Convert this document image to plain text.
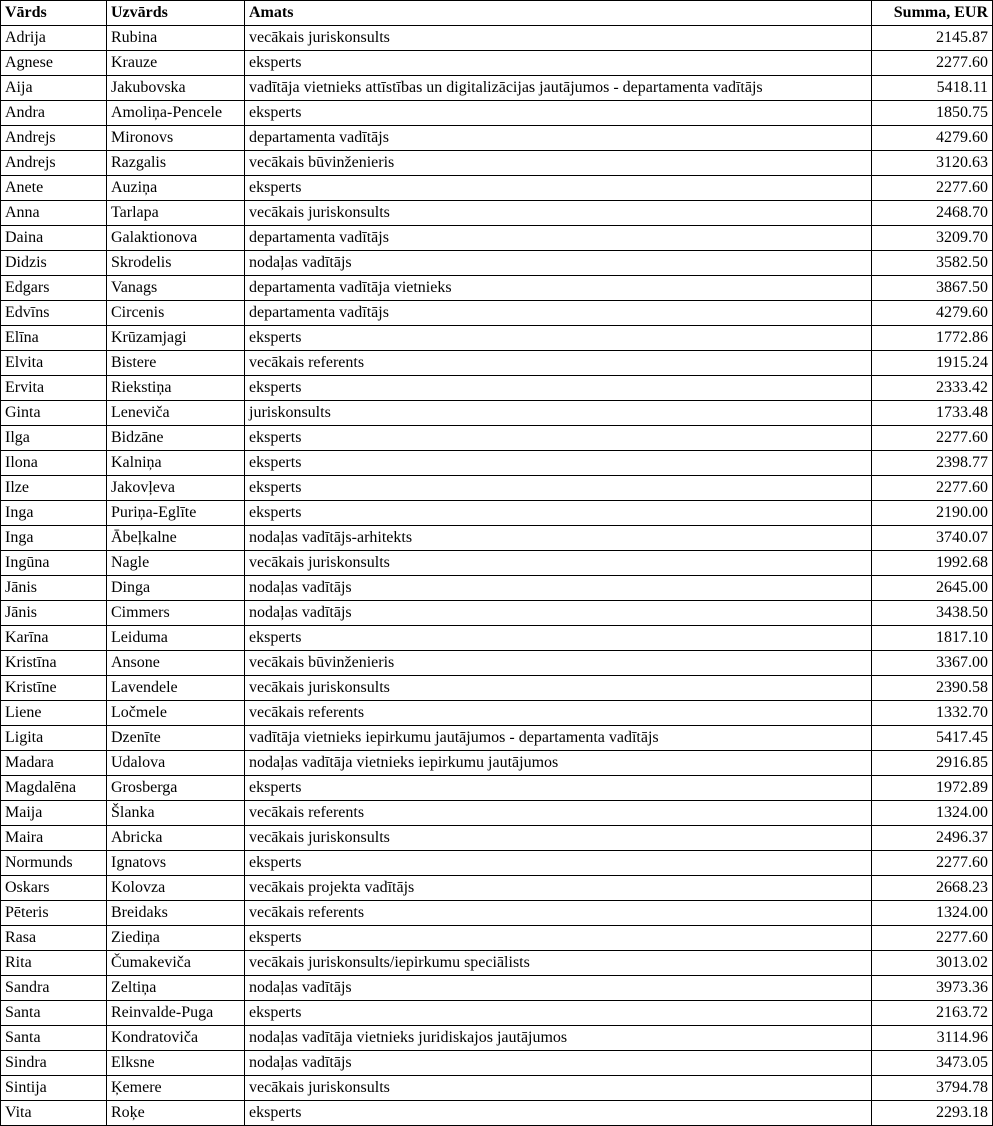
Vārds	Uzvārds	Amats	Summa, EUR
Adrija	Rubina	vecākais juriskonsults	2145.87
Agnese	Krauze	eksperts	2277.60
Aija	Jakubovska	vadītāja vietnieks attīstības un digitalizācijas jautājumos - departamenta vadītājs	5418.11
Andra	Amoliņa-Pencele	eksperts	1850.75
Andrejs	Mironovs	departamenta vadītājs	4279.60
Andrejs	Razgalis	vecākais būvinženieris	3120.63
Anete	Auziņa	eksperts	2277.60
Anna	Tarlapa	vecākais juriskonsults	2468.70
Daina	Galaktionova	departamenta vadītājs	3209.70
Didzis	Skrodelis	nodaļas vadītājs	3582.50
Edgars	Vanags	departamenta vadītāja vietnieks	3867.50
Edvīns	Circenis	departamenta vadītājs	4279.60
Elīna	Krūzamjagi	eksperts	1772.86
Elvita	Bistere	vecākais referents	1915.24
Ervita	Riekstiņa	eksperts	2333.42
Ginta	Leneviča	juriskonsults	1733.48
Ilga	Bidzāne	eksperts	2277.60
Ilona	Kalniņa	eksperts	2398.77
Ilze	Jakovļeva	eksperts	2277.60
Inga	Puriņa-Eglīte	eksperts	2190.00
Inga	Ābeļkalne	nodaļas vadītājs-arhitekts	3740.07
Ingūna	Nagle	vecākais juriskonsults	1992.68
Jānis	Dinga	nodaļas vadītājs	2645.00
Jānis	Cimmers	nodaļas vadītājs	3438.50
Karīna	Leiduma	eksperts	1817.10
Kristīna	Ansone	vecākais būvinženieris	3367.00
Kristīne	Lavendele	vecākais juriskonsults	2390.58
Liene	Ločmele	vecākais referents	1332.70
Ligita	Dzenīte	vadītāja vietnieks iepirkumu jautājumos - departamenta vadītājs	5417.45
Madara	Udalova	nodaļas vadītāja vietnieks iepirkumu jautājumos	2916.85
Magdalēna	Grosberga	eksperts	1972.89
Maija	Šlanka	vecākais referents	1324.00
Maira	Abricka	vecākais juriskonsults	2496.37
Normunds	Ignatovs	eksperts	2277.60
Oskars	Kolovza	vecākais projekta vadītājs	2668.23
Pēteris	Breidaks	vecākais referents	1324.00
Rasa	Ziediņa	eksperts	2277.60
Rita	Čumakeviča	vecākais juriskonsults/iepirkumu speciālists	3013.02
Sandra	Zeltiņa	nodaļas vadītājs	3973.36
Santa	Reinvalde-Puga	eksperts	2163.72
Santa	Kondratoviča	nodaļas vadītāja vietnieks juridiskajos jautājumos	3114.96
Sindra	Elksne	nodaļas vadītājs	3473.05
Sintija	Ķemere	vecākais juriskonsults	3794.78
Vita	Roķe	eksperts	2293.18
